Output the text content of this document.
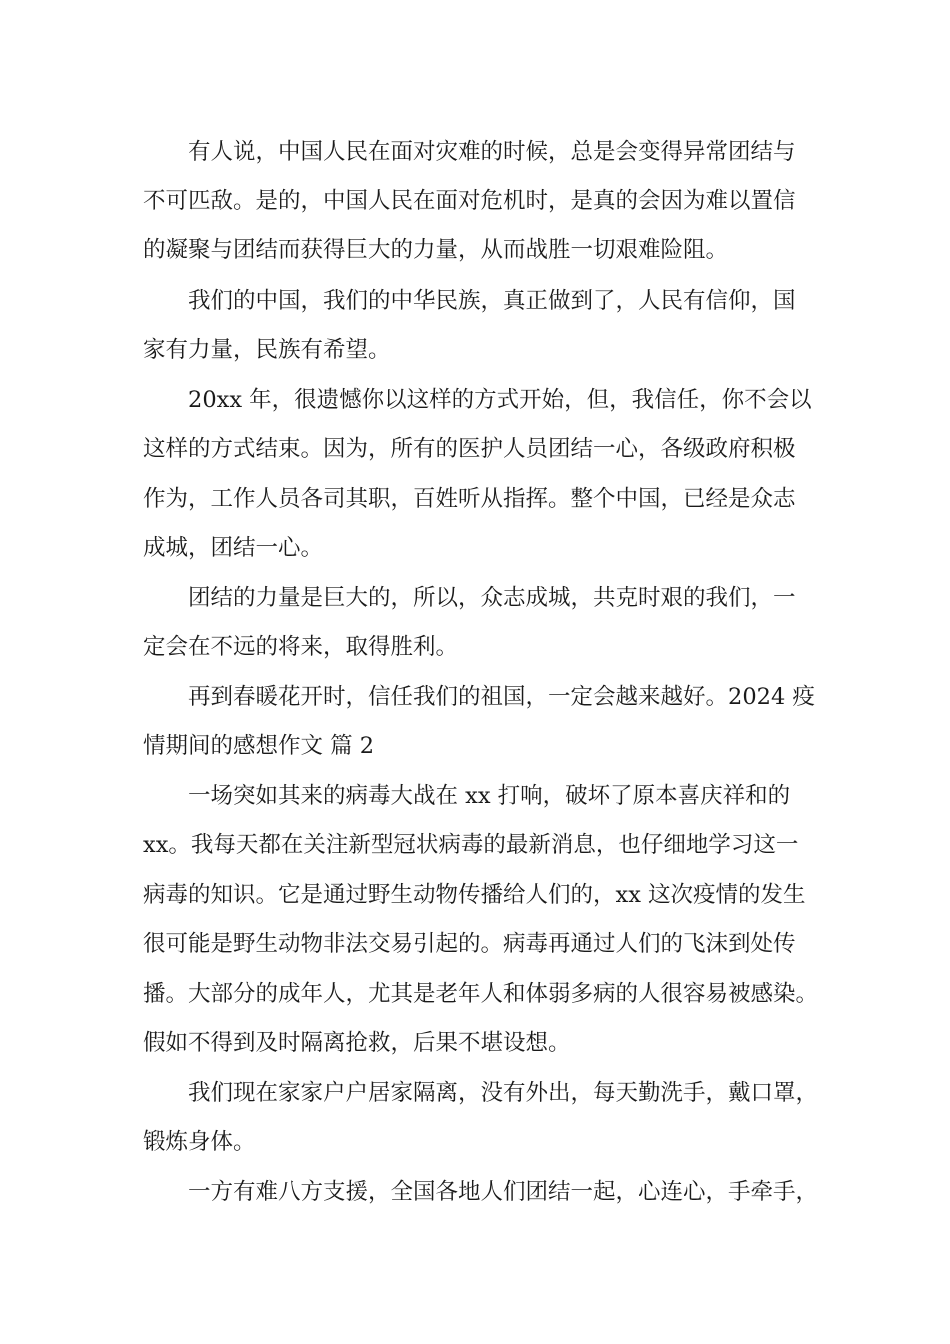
　　有人说，中国人民在面对灾难的时候，总是会变得异常团结与
不可匹敌。是的，中国人民在面对危机时，是真的会因为难以置信
的凝聚与团结而获得巨大的力量，从而战胜一切艰难险阻。
　　我们的中国，我们的中华民族，真正做到了，人民有信仰，国
家有力量，民族有希望。
　　20xx 年，很遗憾你以这样的方式开始，但，我信任，你不会以
这样的方式结束。因为，所有的医护人员团结一心，各级政府积极
作为，工作人员各司其职，百姓听从指挥。整个中国，已经是众志
成城，团结一心。
　　团结的力量是巨大的，所以，众志成城，共克时艰的我们，一
定会在不远的将来，取得胜利。
　　再到春暖花开时，信任我们的祖国，一定会越来越好。2024 疫
情期间的感想作文 篇 2
　　一场突如其来的病毒大战在 xx 打响，破坏了原本喜庆祥和的
xx。我每天都在关注新型冠状病毒的最新消息，也仔细地学习这一
病毒的知识。它是通过野生动物传播给人们的，xx 这次疫情的发生
很可能是野生动物非法交易引起的。病毒再通过人们的飞沫到处传
播。大部分的成年人，尤其是老年人和体弱多病的人很容易被感染。
假如不得到及时隔离抢救，后果不堪设想。
　　我们现在家家户户居家隔离，没有外出，每天勤洗手，戴口罩，
锻炼身体。
　　一方有难八方支援，全国各地人们团结一起，心连心，手牵手，
